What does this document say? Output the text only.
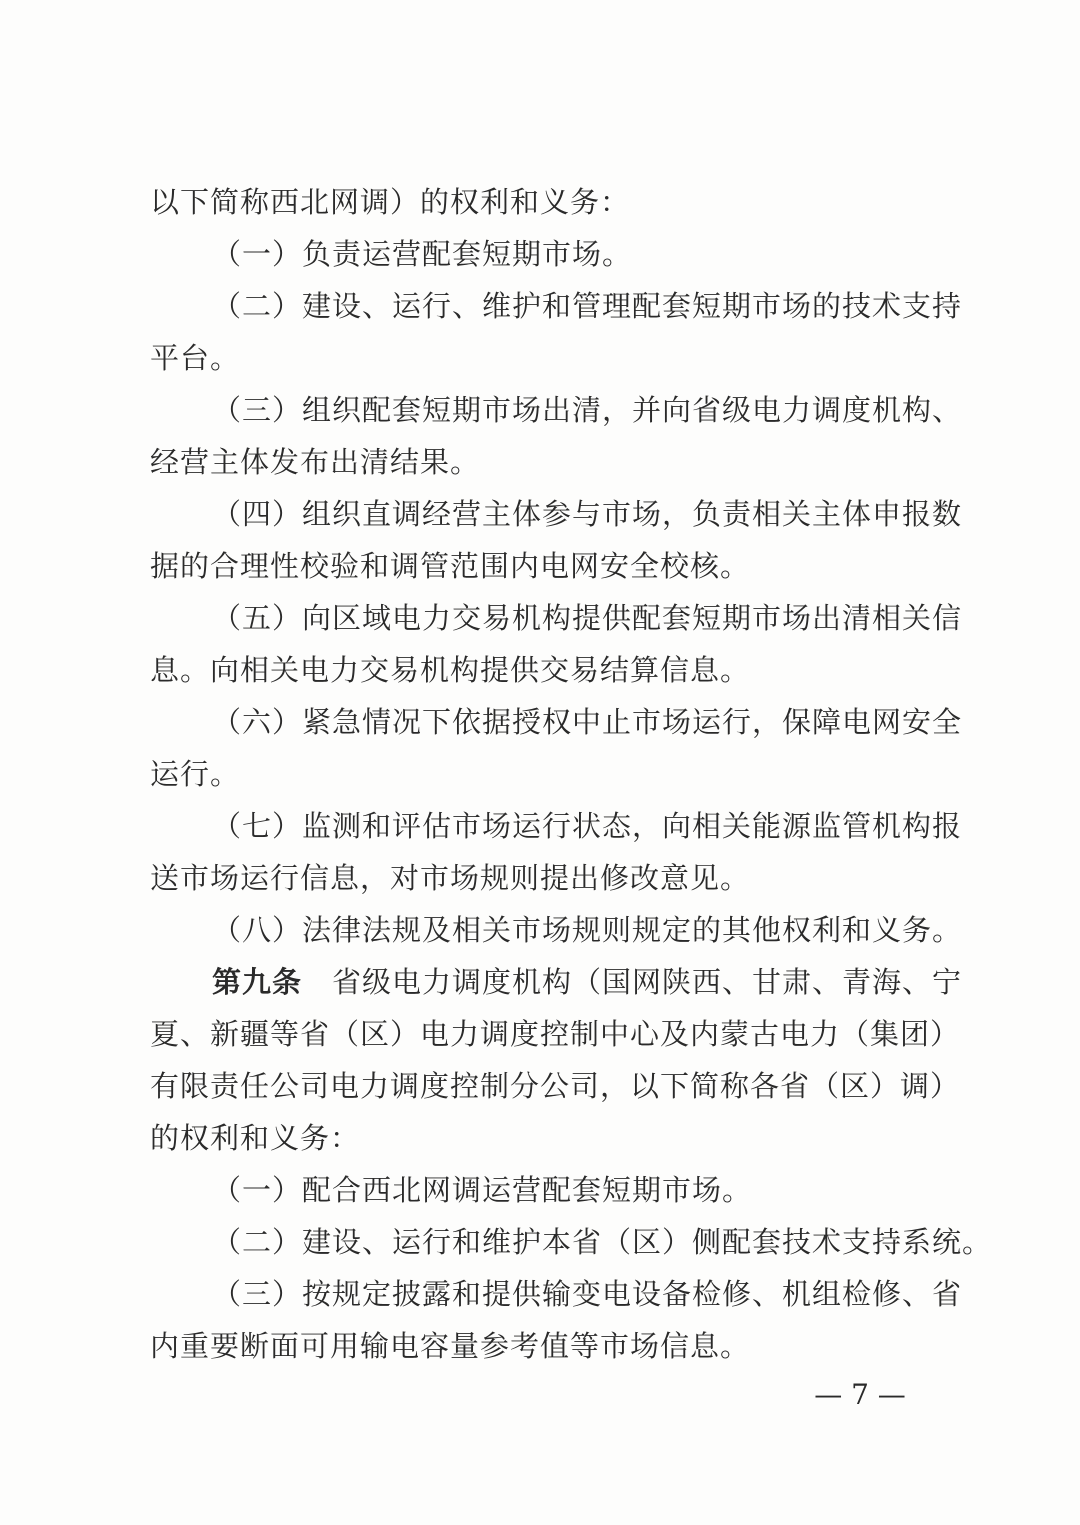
以下简称西北网调）的权利和义务：
（一）负责运营配套短期市场。
（二）建设、运行、维护和管理配套短期市场的技术支持
平台。
（三）组织配套短期市场出清，并向省级电力调度机构、
经营主体发布出清结果。
（四）组织直调经营主体参与市场，负责相关主体申报数
据的合理性校验和调管范围内电网安全校核。
（五）向区域电力交易机构提供配套短期市场出清相关信
息。向相关电力交易机构提供交易结算信息。
（六）紧急情况下依据授权中止市场运行，保障电网安全
运行。
（七）监测和评估市场运行状态，向相关能源监管机构报
送市场运行信息，对市场规则提出修改意见。
（八）法律法规及相关市场规则规定的其他权利和义务。
第九条  省级电力调度机构（国网陕西、甘肃、青海、宁
夏、新疆等省（区）电力调度控制中心及内蒙古电力（集团）
有限责任公司电力调度控制分公司，以下简称各省（区）调）
的权利和义务：
（一）配合西北网调运营配套短期市场。
（二）建设、运行和维护本省（区）侧配套技术支持系统。
（三）按规定披露和提供输变电设备检修、机组检修、省
内重要断面可用输电容量参考值等市场信息。
— 7 —
